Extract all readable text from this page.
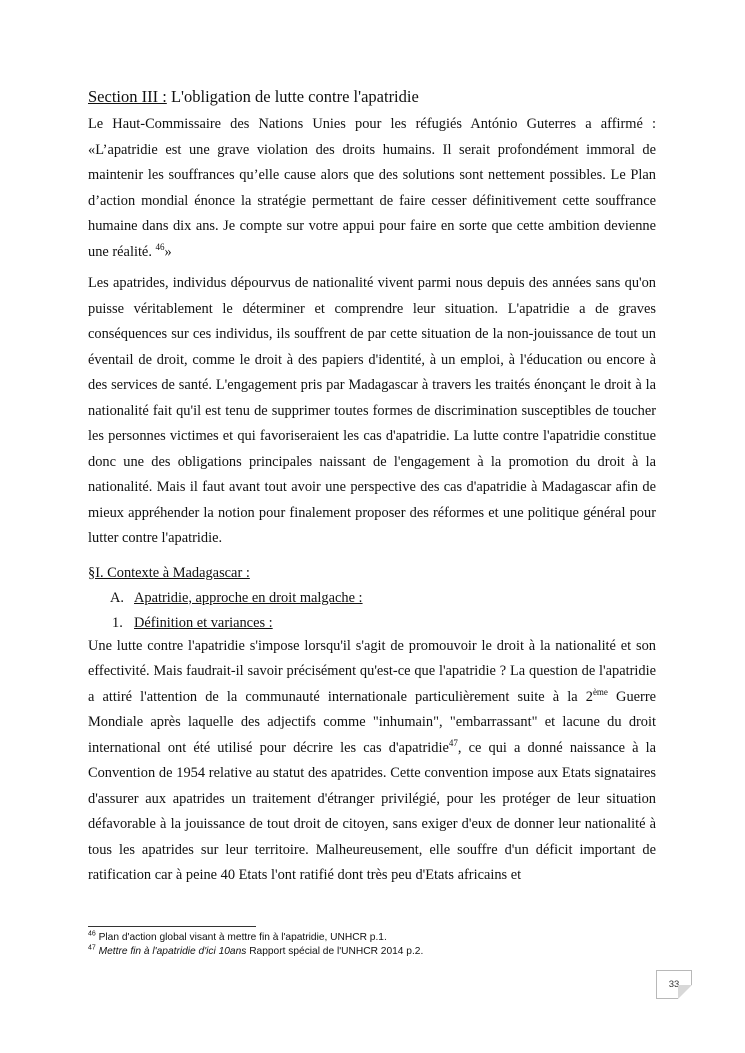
Section III : L'obligation de lutte contre l'apatridie

Le Haut-Commissaire des Nations Unies pour les réfugiés António Guterres a affirmé : «L’apatridie est une grave violation des droits humains. Il serait profondément immoral de maintenir les souffrances qu’elle cause alors que des solutions sont nettement possibles. Le Plan d’action mondial énonce la stratégie permettant de faire cesser définitivement cette souffrance humaine dans dix ans. Je compte sur votre appui pour faire en sorte que cette ambition devienne une réalité. $^{46}$»

Les apatrides, individus dépourvus de nationalité vivent parmi nous depuis des années sans qu'on puisse véritablement le déterminer et comprendre leur situation. L'apatridie a de graves conséquences sur ces individus, ils souffrent de par cette situation de la non-jouissance de tout un éventail de droit, comme le droit à des papiers d'identité, à un emploi, à l'éducation ou encore à des services de santé. L'engagement pris par Madagascar à travers les traités énonçant le droit à la nationalité fait qu'il est tenu de supprimer toutes formes de discrimination susceptibles de toucher les personnes victimes et qui favoriseraient les cas d'apatridie. La lutte contre l'apatridie constitue donc une des obligations principales naissant de l'engagement à la promotion du droit à la nationalité. Mais il faut avant tout avoir une perspective des cas d'apatridie à Madagascar afin de mieux appréhender la notion pour finalement proposer des réformes et une politique général pour lutter contre l'apatridie.

§I. Contexte à Madagascar :
A. Apatridie, approche en droit malgache :
1. Définition et variances :

Une lutte contre l'apatridie s'impose lorsqu'il s'agit de promouvoir le droit à la nationalité et son effectivité. Mais faudrait-il savoir précisément qu'est-ce que l'apatridie ? La question de l'apatridie a attiré l'attention de la communauté internationale particulièrement suite à la 2ème Guerre Mondiale après laquelle des adjectifs comme "inhumain", "embarrassant" et lacune du droit international ont été utilisé pour décrire les cas d'apatridie$^{47}$, ce qui a donné naissance à la Convention de 1954 relative au statut des apatrides. Cette convention impose aux Etats signataires d'assurer aux apatrides un traitement d'étranger privilégié, pour les protéger de leur situation défavorable à la jouissance de tout droit de citoyen, sans exiger d'eux de donner leur nationalité à tous les apatrides sur leur territoire. Malheureusement, elle souffre d'un déficit important de ratification car à peine 40 Etats l'ont ratifié dont très peu d'Etats africains et

$^{46}$ Plan d'action global visant à mettre fin à l'apatridie, UNHCR p.1.
$^{47}$ Mettre fin à l'apatridie d'ici 10ans Rapport spécial de l'UNHCR 2014 p.2.
33
